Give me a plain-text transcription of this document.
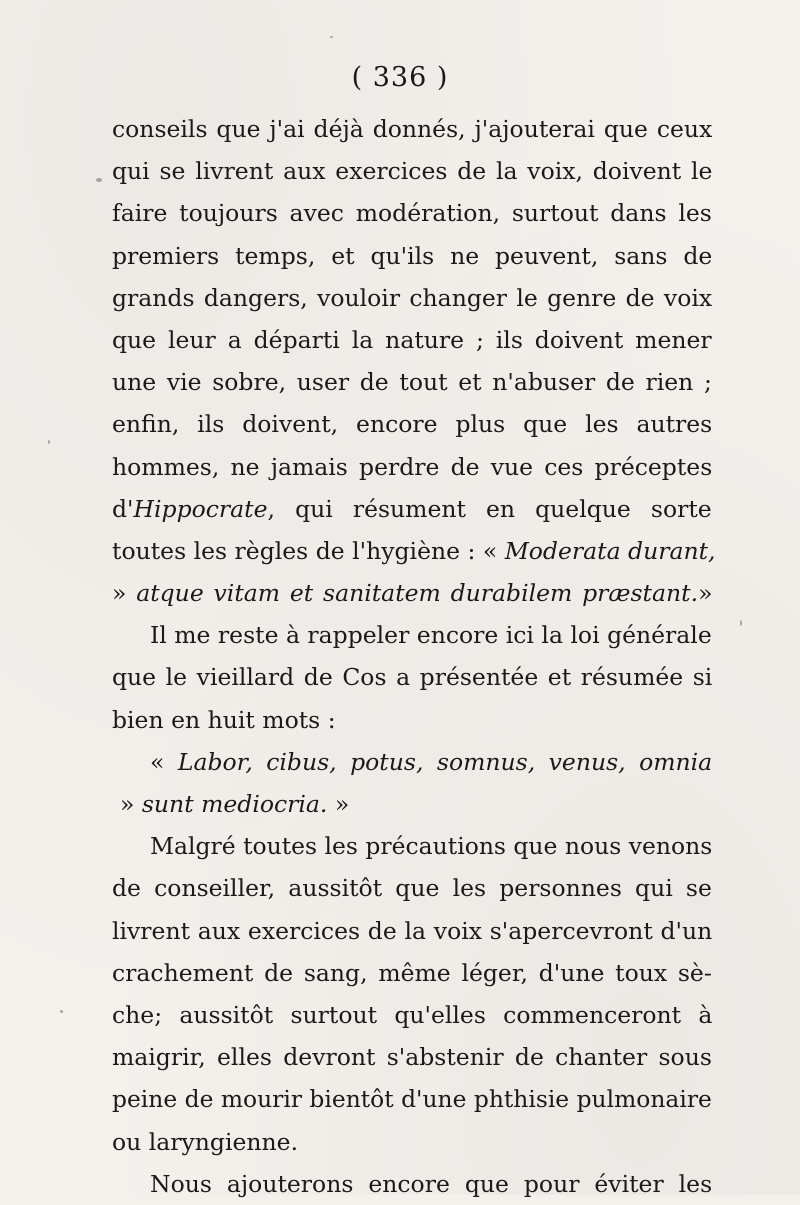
( 336 )
conseils que j'ai déjà donnés, j'ajouterai que ceux
qui se livrent aux exercices de la voix, doivent le
faire toujours avec modération, surtout dans les
premiers temps, et qu'ils ne peuvent, sans de
grands dangers, vouloir changer le genre de voix
que leur a départi la nature ; ils doivent mener
une vie sobre, user de tout et n'abuser de rien ;
enfin, ils doivent, encore plus que les autres
hommes, ne jamais perdre de vue ces préceptes
d'Hippocrate, qui résument en quelque sorte
toutes les règles de l'hygiène : « Moderata durant,
» atque vitam et sanitatem durabilem præstant.»
Il me reste à rappeler encore ici la loi générale
que le vieillard de Cos a présentée et résumée si
bien en huit mots :
« Labor, cibus, potus, somnus, venus, omnia
» sunt mediocria. »
Malgré toutes les précautions que nous venons
de conseiller, aussitôt que les personnes qui se
livrent aux exercices de la voix s'apercevront d'un
crachement de sang, même léger, d'une toux sè-
che; aussitôt surtout qu'elles commenceront à
maigrir, elles devront s'abstenir de chanter sous
peine de mourir bientôt d'une phthisie pulmonaire
ou laryngienne.
Nous ajouterons encore que pour éviter les
